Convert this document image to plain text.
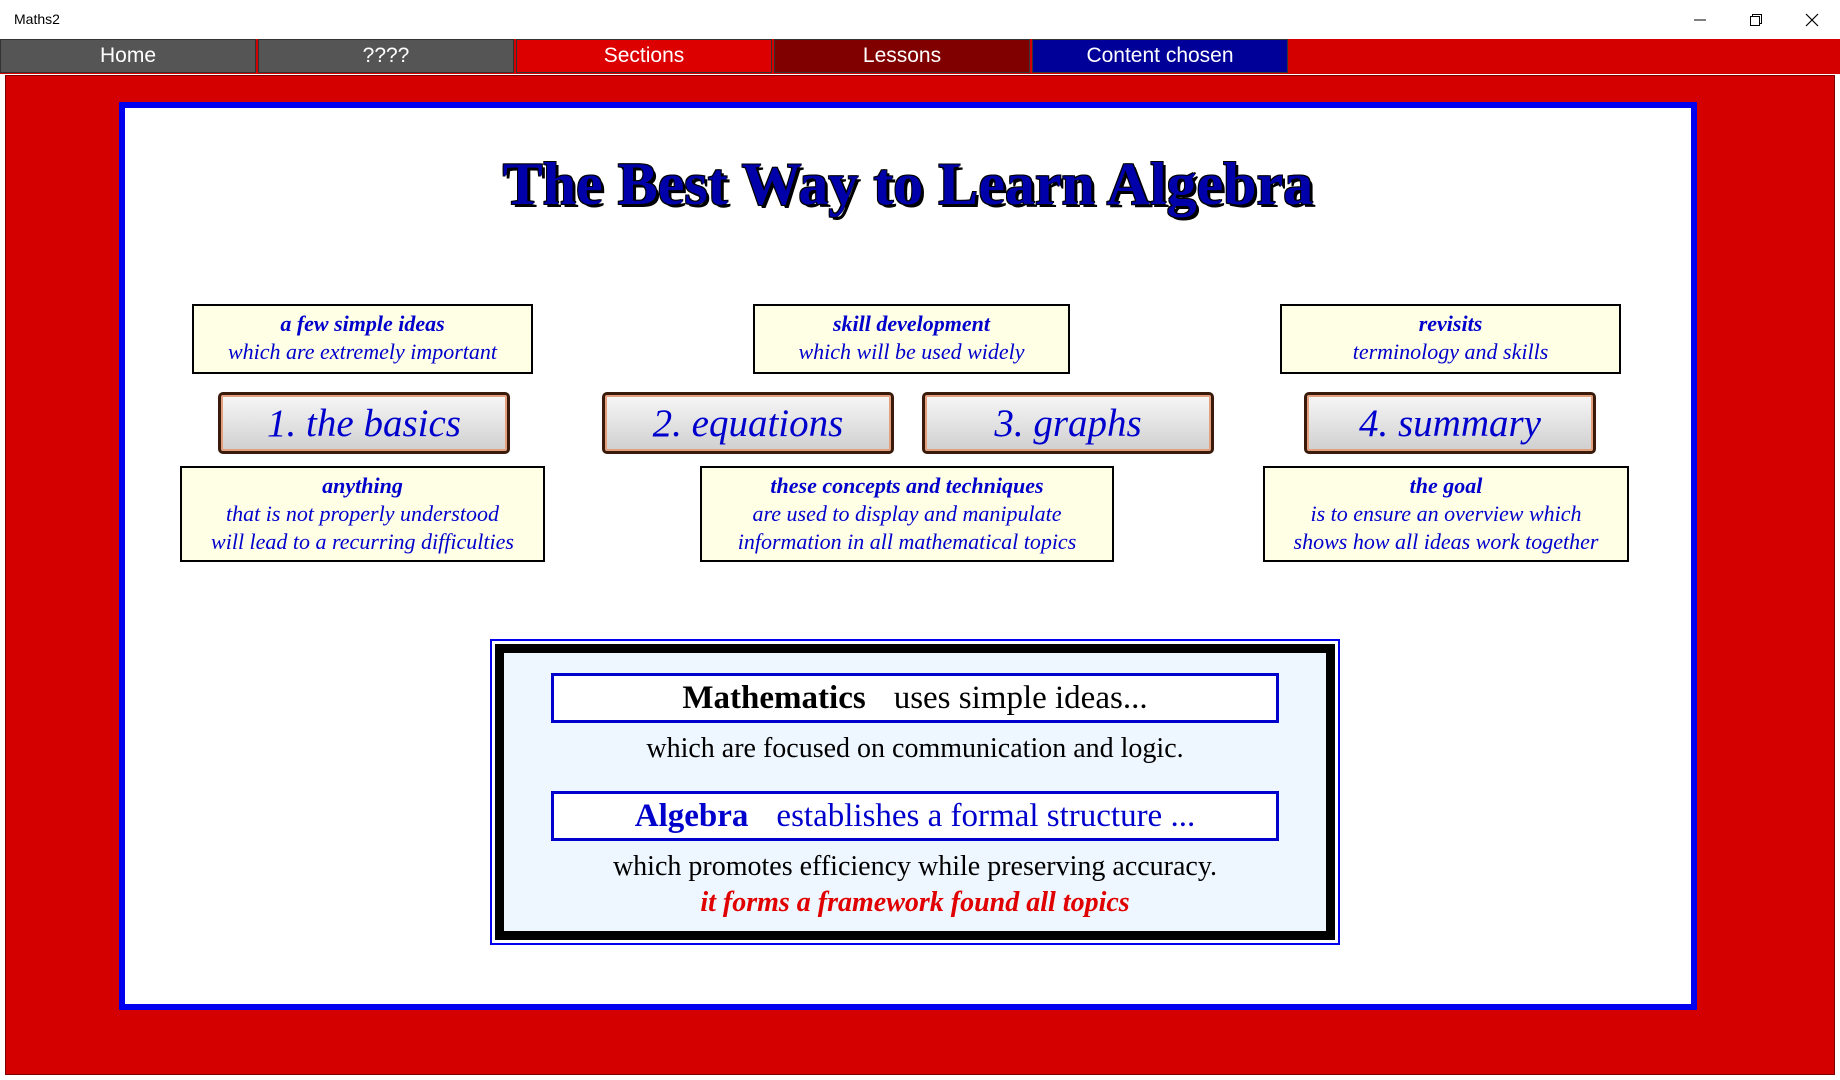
Maths2
Home	????	Sections	Lessons	Content chosen
The Best Way to Learn Algebra
a few simple ideas
which are extremely important
skill development
which will be used widely
revisits
terminology and skills
1. the basics	2. equations	3. graphs	4. summary
anything
that is not properly understood
will lead to a recurring difficulties
these concepts and techniques
are used to display and manipulate
information in all mathematical topics
the goal
is to ensure an overview which
shows how all ideas work together
Mathematics uses simple ideas...
which are focused on communication and logic.
Algebra establishes a formal structure ...
which promotes efficiency while preserving accuracy.
it forms a framework found all topics
